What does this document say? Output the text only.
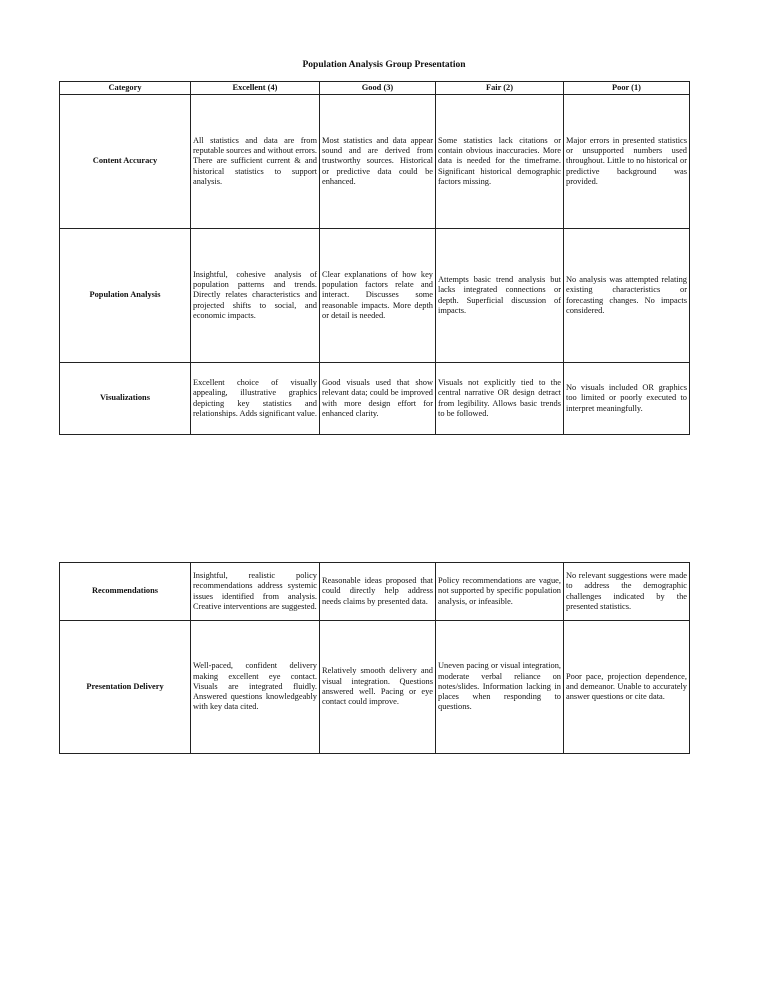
Population Analysis Group Presentation
Category	Excellent (4)	Good (3)	Fair (2)	Poor (1)
Content Accuracy	All statistics and data are from reputable sources and without errors. There are sufficient current & and historical statistics to support analysis.	Most statistics and data appear sound and are derived from trustworthy sources. Historical or predictive data could be enhanced.	Some statistics lack citations or contain obvious inaccuracies. More data is needed for the timeframe. Significant historical demographic factors missing.	Major errors in presented statistics or unsupported numbers used throughout. Little to no historical or predictive background was provided.
Population Analysis	Insightful, cohesive analysis of population patterns and trends. Directly relates characteristics and projected shifts to social, and economic impacts.	Clear explanations of how key population factors relate and interact. Discusses some reasonable impacts. More depth or detail is needed.	Attempts basic trend analysis but lacks integrated connections or depth. Superficial discussion of impacts.	No analysis was attempted relating existing characteristics or forecasting changes. No impacts considered.
Visualizations	Excellent choice of visually appealing, illustrative graphics depicting key statistics and relationships. Adds significant value.	Good visuals used that show relevant data; could be improved with more design effort for enhanced clarity.	Visuals not explicitly tied to the central narrative OR design detract from legibility. Allows basic trends to be followed.	No visuals included OR graphics too limited or poorly executed to interpret meaningfully.
Recommendations	Insightful, realistic policy recommendations address systemic issues identified from analysis. Creative interventions are suggested.	Reasonable ideas proposed that could directly help address needs claims by presented data.	Policy recommendations are vague, not supported by specific population analysis, or infeasible.	No relevant suggestions were made to address the demographic challenges indicated by the presented statistics.
Presentation Delivery	Well-paced, confident delivery making excellent eye contact. Visuals are integrated fluidly. Answered questions knowledgeably with key data cited.	Relatively smooth delivery and visual integration. Questions answered well. Pacing or eye contact could improve.	Uneven pacing or visual integration, moderate verbal reliance on notes/slides. Information lacking in places when responding to questions.	Poor pace, projection dependence, and demeanor. Unable to accurately answer questions or cite data.
